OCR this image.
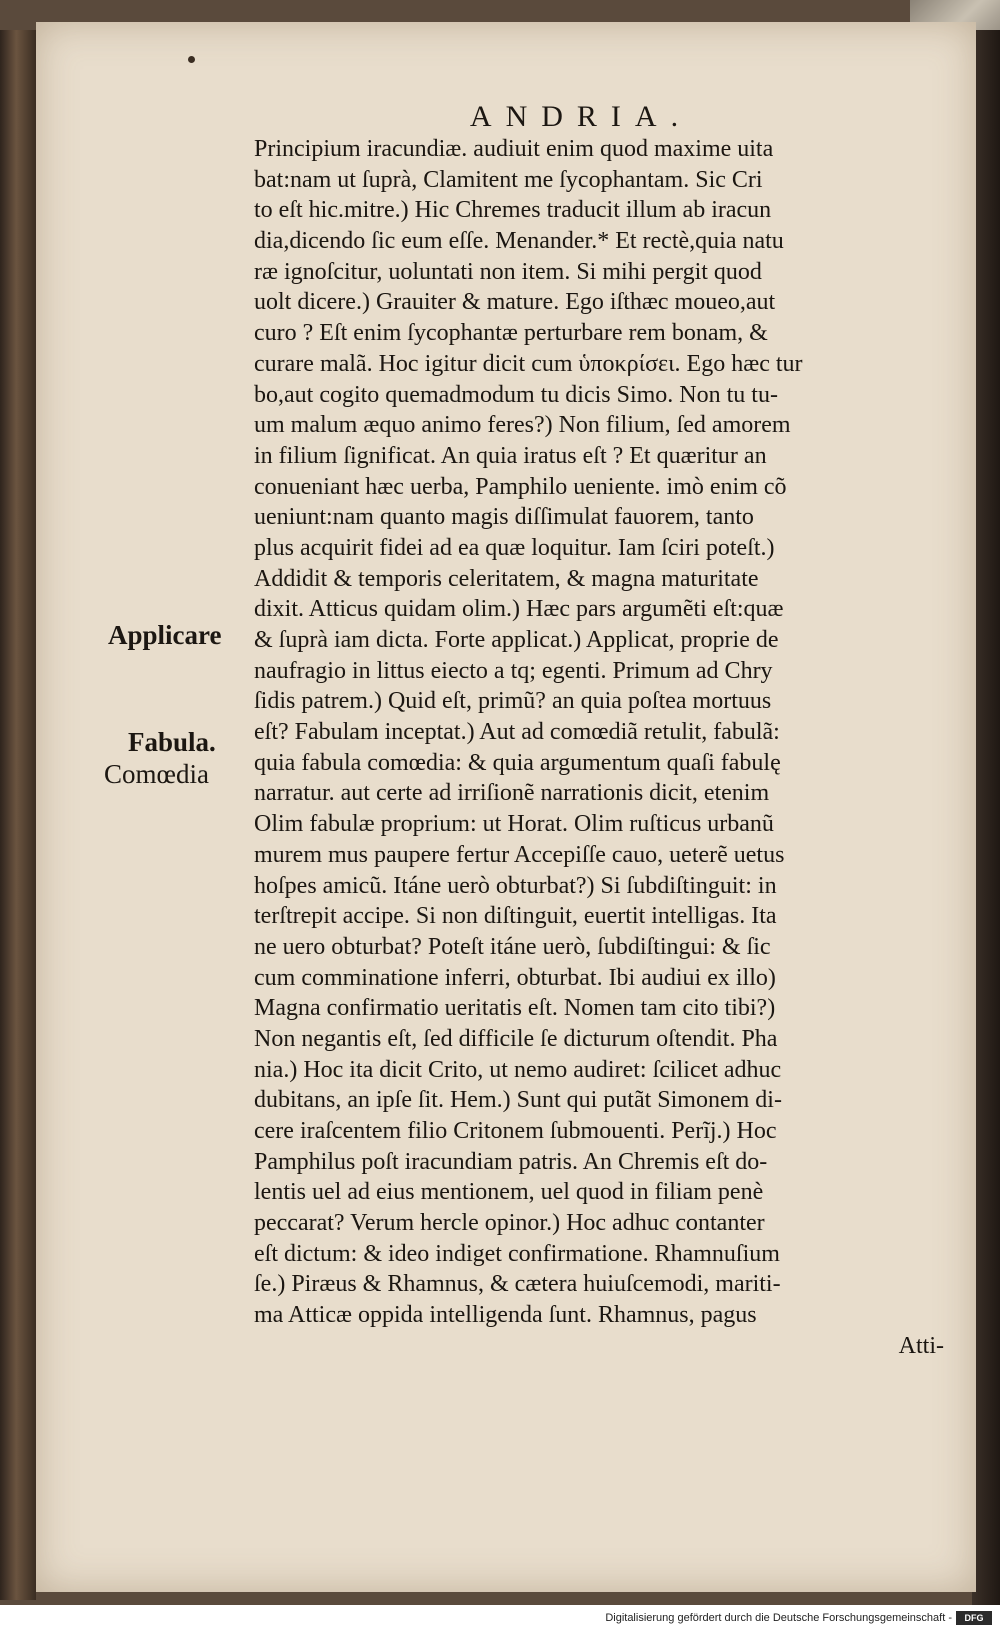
ANDRIA.
Applicare
Fabula.
Comœdia
Principium iracundiæ. audiuit enim quod maxime uita
bat:nam ut ſuprà, Clamitent me ſycophantam. Sic Cri
to eſt hic.mitre.) Hic Chremes traducit illum ab iracun
dia,dicendo ſic eum eſſe. Menander.* Et rectè,quia natu
ræ ignoſcitur, uoluntati non item. Si mihi pergit quod
uolt dicere.) Grauiter & mature. Ego iſthæc moueo,aut
curo ? Eſt enim ſycophantæ perturbare rem bonam, &
curare malã. Hoc igitur dicit cum ὑποκρίσει. Ego hæc tur
bo,aut cogito quemadmodum tu dicis Simo. Non tu tu-
um malum æquo animo feres?) Non filium, ſed amorem
in filium ſignificat. An quia iratus eſt ? Et quæritur an
conueniant hæc uerba, Pamphilo ueniente. imò enim cõ
ueniunt:nam quanto magis diſſimulat fauorem, tanto
plus acquirit fidei ad ea quæ loquitur. Iam ſciri poteſt.)
Addidit & temporis celeritatem, & magna maturitate
dixit. Atticus quidam olim.) Hæc pars argumẽti eſt:quæ
& ſuprà iam dicta. Forte applicat.) Applicat, proprie de
naufragio in littus eiecto a tq; egenti. Primum ad Chry
ſidis patrem.) Quid eſt, primũ? an quia poſtea mortuus
eſt? Fabulam inceptat.) Aut ad comœdiã retulit, fabulã:
quia fabula comœdia: & quia argumentum quaſi fabulę
narratur. aut certe ad irriſionẽ narrationis dicit, etenim
Olim fabulæ proprium: ut Horat. Olim ruſticus urbanũ
murem mus paupere fertur Accepiſſe cauo, ueterẽ uetus
hoſpes amicũ. Itáne uerò obturbat?) Si ſubdiſtinguit: in
terſtrepit accipe. Si non diſtinguit, euertit intelligas. Ita
ne uero obturbat? Poteſt itáne uerò, ſubdiſtingui: & ſic
cum comminatione inferri, obturbat. Ibi audiui ex illo)
Magna confirmatio ueritatis eſt. Nomen tam cito tibi?)
Non negantis eſt, ſed difficile ſe dicturum oſtendit. Pha
nia.) Hoc ita dicit Crito, ut nemo audiret: ſcilicet adhuc
dubitans, an ipſe ſit. Hem.) Sunt qui putãt Simonem di-
cere iraſcentem filio Critonem ſubmouenti. Perĩj.) Hoc
Pamphilus poſt iracundiam patris. An Chremis eſt do-
lentis uel ad eius mentionem, uel quod in filiam penè
peccarat? Verum hercle opinor.) Hoc adhuc contanter
eſt dictum: & ideo indiget confirmatione. Rhamnuſium
ſe.) Piræus & Rhamnus, & cætera huiuſcemodi, mariti-
ma Atticæ oppida intelligenda ſunt. Rhamnus, pagus
Atti-
Digitalisierung gefördert durch die Deutsche Forschungsgemeinschaft -	DFG
